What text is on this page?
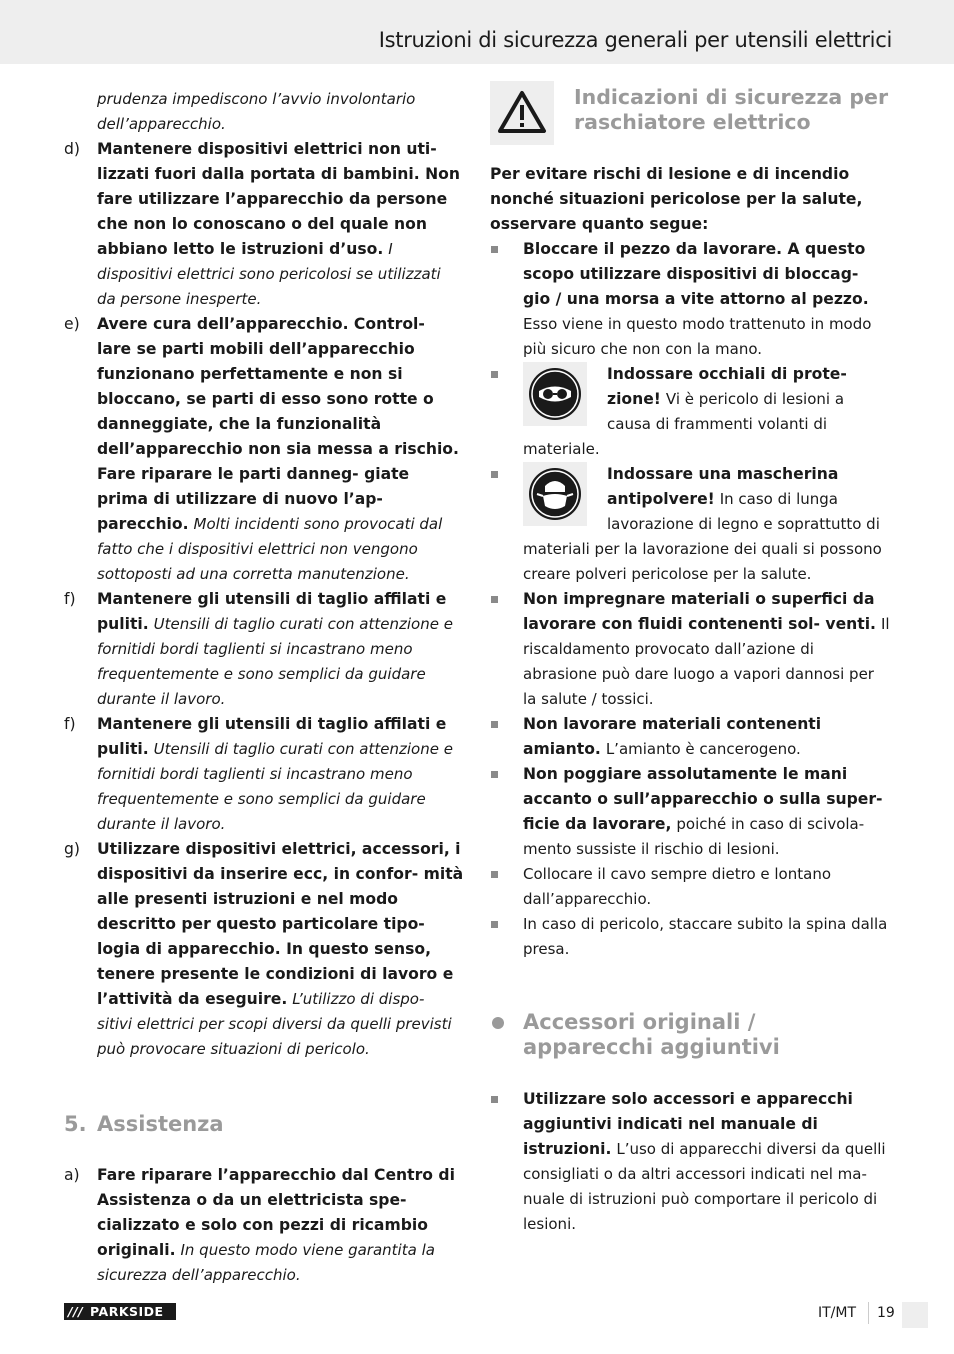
Istruzioni di sicurezza generali per utensili elettrici
prudenza impediscono l’avvio involontario dell’apparecchio.
d)	Mantenere dispositivi elettrici non uti- lizzati fuori dalla portata di bambini. Non fare utilizzare l’apparecchio da persone che non lo conoscano o del quale non abbiano letto le istruzioni d’uso. I dispositivi elettrici sono pericolosi se utilizzati da persone inesperte.
e)	Avere cura dell’apparecchio. Control- lare se parti mobili dell’apparecchio funzionano perfettamente e non si bloccano, se parti di esso sono rotte o danneggiate, che la funzionalità dell’apparecchio non sia messa a rischio. Fare riparare le parti danneg- giate prima di utilizzare di nuovo l’ap- parecchio. Molti incidenti sono provocati dal fatto che i dispositivi elettrici non vengono sottoposti ad una corretta manutenzione.
f)	Mantenere gli utensili di taglio affilati e puliti. Utensili di taglio curati con attenzione e fornitidi bordi taglienti si incastrano meno frequentemente e sono semplici da guidare durante il lavoro.
f)	Mantenere gli utensili di taglio affilati e puliti. Utensili di taglio curati con attenzione e fornitidi bordi taglienti si incastrano meno frequentemente e sono semplici da guidare durante il lavoro.
g)	Utilizzare dispositivi elettrici, accessori, i dispositivi da inserire ecc, in confor- mità alle presenti istruzioni e nel modo descritto per questo particolare tipo- logia di apparecchio. In questo senso, tenere presente le condizioni di lavoro e l’attività da eseguire. L’utilizzo di dispo- sitivi elettrici per scopi diversi da quelli previsti può provocare situazioni di pericolo.
5. Assistenza
a)	Fare riparare l’apparecchio dal Centro di Assistenza o da un elettricista spe- cializzato e solo con pezzi di ricambio originali. In questo modo viene garantita la sicurezza dell’apparecchio.
Indicazioni di sicurezza per raschiatore elettrico
Per evitare rischi di lesione e di incendio nonché situazioni pericolose per la salute, osservare quanto segue:
Bloccare il pezzo da lavorare. A questo scopo utilizzare dispositivi di bloccag- gio / una morsa a vite attorno al pezzo. Esso viene in questo modo trattenuto in modo più sicuro che non con la mano.
Indossare occhiali di prote- zione! Vi è pericolo di lesioni a causa di frammenti volanti di materiale.
Indossare una mascherina antipolvere! In caso di lunga lavorazione di legno e soprattutto di materiali per la lavorazione dei quali si possono creare polveri pericolose per la salute.
Non impregnare materiali o superfici da lavorare con fluidi contenenti sol- venti. Il riscaldamento provocato dall’azione di abrasione può dare luogo a vapori dannosi per la salute / tossici.
Non lavorare materiali contenenti amianto. L’amianto è cancerogeno.
Non poggiare assolutamente le mani accanto o sull’apparecchio o sulla super- ficie da lavorare, poiché in caso di scivola- mento sussiste il rischio di lesioni.
Collocare il cavo sempre dietro e lontano dall’apparecchio.
In caso di pericolo, staccare subito la spina dalla presa.
Accessori originali / apparecchi aggiuntivi
Utilizzare solo accessori e apparecchi aggiuntivi indicati nel manuale di istruzioni. L’uso di apparecchi diversi da quelli consigliati o da altri accessori indicati nel ma- nuale di istruzioni può comportare il pericolo di lesioni.
/// PARKSIDE	IT/MT 19
